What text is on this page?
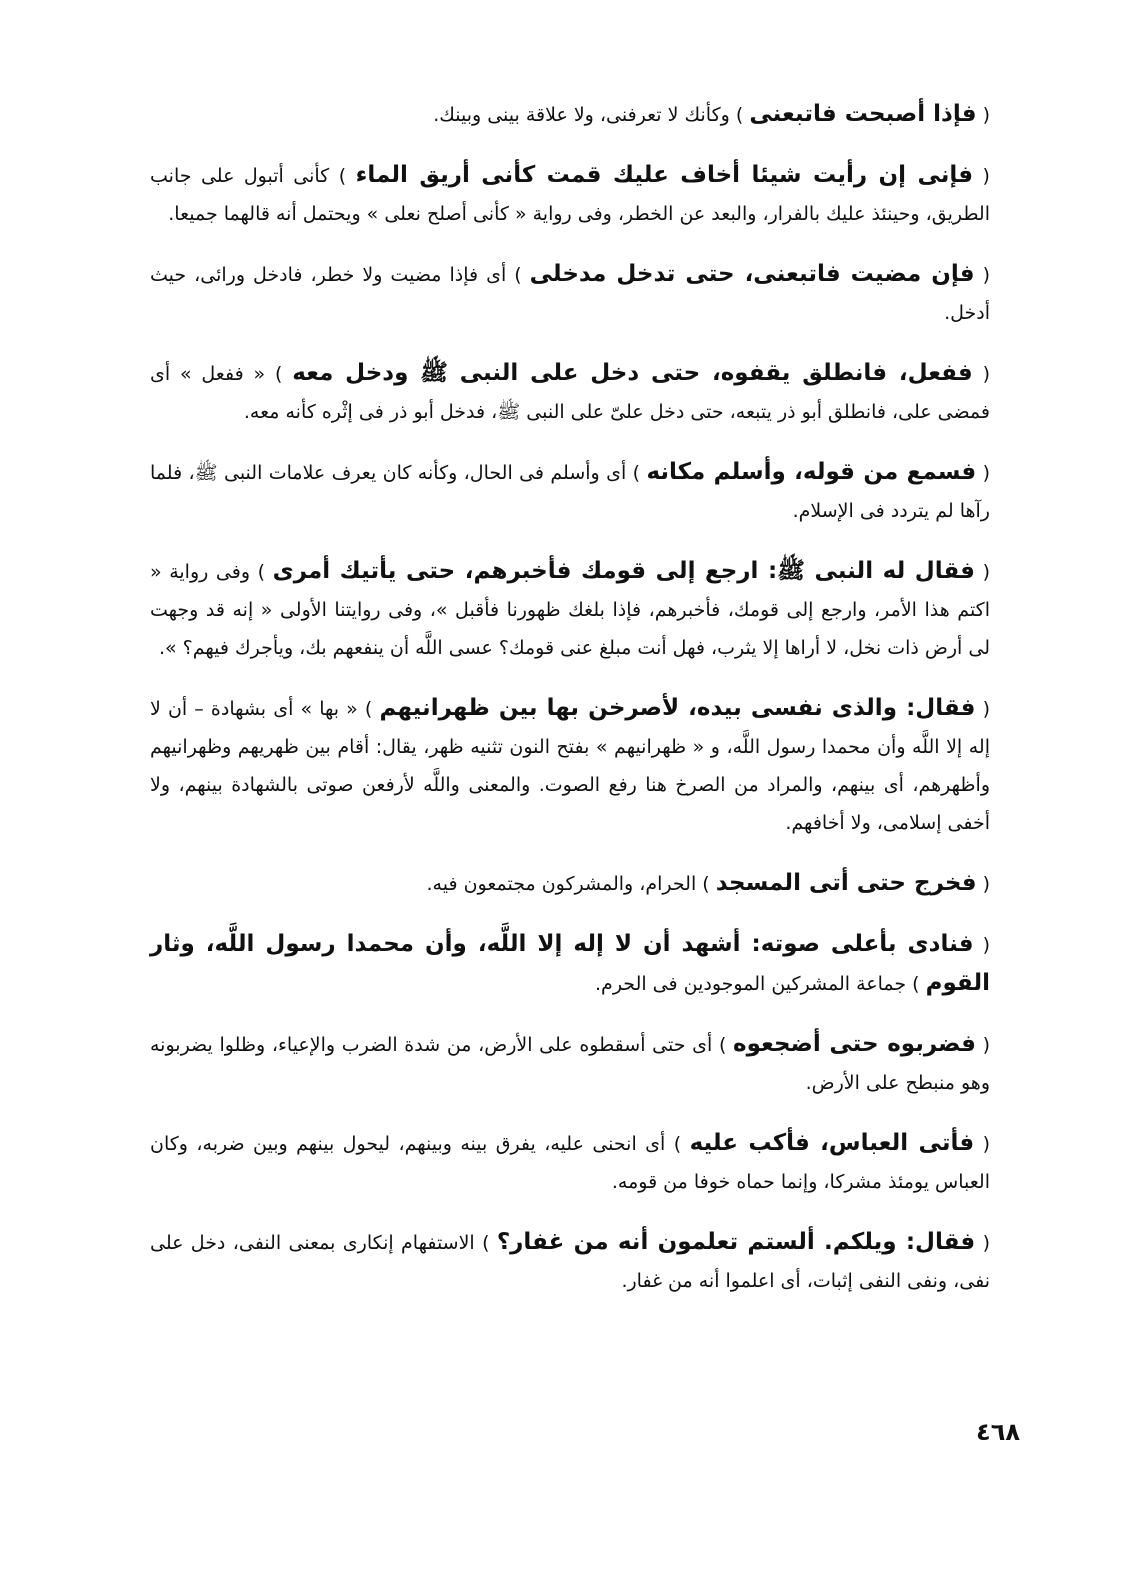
( فإذا أصبحت فاتبعنى ) وكأنك لا تعرفنى، ولا علاقة بينى وبينك.

( فإنى إن رأيت شيئا أخاف عليك قمت كأنى أريق الماء ) كأنى أتبول على جانب الطريق، وحينئذ عليك بالفرار، والبعد عن الخطر، وفى رواية « كأنى أصلح نعلى » ويحتمل أنه قالهما جميعا.

( فإن مضيت فاتبعنى، حتى تدخل مدخلى ) أى فإذا مضيت ولا خطر، فادخل ورائى، حيث أدخل.

( ففعل، فانطلق يقفوه، حتى دخل على النبى ﷺ ودخل معه ) « ففعل » أى فمضى على، فانطلق أبو ذر يتبعه، حتى دخل علىّ على النبى ﷺ، فدخل أبو ذر فى إثْره كأنه معه.

( فسمع من قوله، وأسلم مكانه ) أى وأسلم فى الحال، وكأنه كان يعرف علامات النبى ﷺ، فلما رآها لم يتردد فى الإسلام.

( فقال له النبى ﷺ: ارجع إلى قومك فأخبرهم، حتى يأتيك أمرى ) وفى رواية « اكتم هذا الأمر، وارجع إلى قومك، فأخبرهم، فإذا بلغك ظهورنا فأقبل »، وفى روايتنا الأولى « إنه قد وجهت لى أرض ذات نخل، لا أراها إلا يثرب، فهل أنت مبلغ عنى قومك؟ عسى اللَّه أن ينفعهم بك، ويأجرك فيهم؟ ».

( فقال: والذى نفسى بيده، لأصرخن بها بين ظهرانيهم ) « بها » أى بشهادة – أن لا إله إلا اللَّه وأن محمدا رسول اللَّه، و « ظهرانيهم » بفتح النون تثنيه ظهر، يقال: أقام بين ظهريهم وظهرانيهم وأظهرهم، أى بينهم، والمراد من الصرخ هنا رفع الصوت. والمعنى واللَّه لأرفعن صوتى بالشهادة بينهم، ولا أخفى إسلامى، ولا أخافهم.

( فخرج حتى أتى المسجد ) الحرام، والمشركون مجتمعون فيه.

( فنادى بأعلى صوته: أشهد أن لا إله إلا اللَّه، وأن محمدا رسول اللَّه، وثار القوم ) جماعة المشركين الموجودين فى الحرم.

( فضربوه حتى أضجعوه ) أى حتى أسقطوه على الأرض، من شدة الضرب والإعياء، وظلوا يضربونه وهو منبطح على الأرض.

( فأتى العباس، فأكب عليه ) أى انحنى عليه، يفرق بينه وبينهم، ليحول بينهم وبين ضربه، وكان العباس يومئذ مشركا، وإنما حماه خوفا من قومه.

( فقال: ويلكم. ألستم تعلمون أنه من غفار؟ ) الاستفهام إنكارى بمعنى النفى، دخل على نفى، ونفى النفى إثبات، أى اعلموا أنه من غفار.

٤٦٨
